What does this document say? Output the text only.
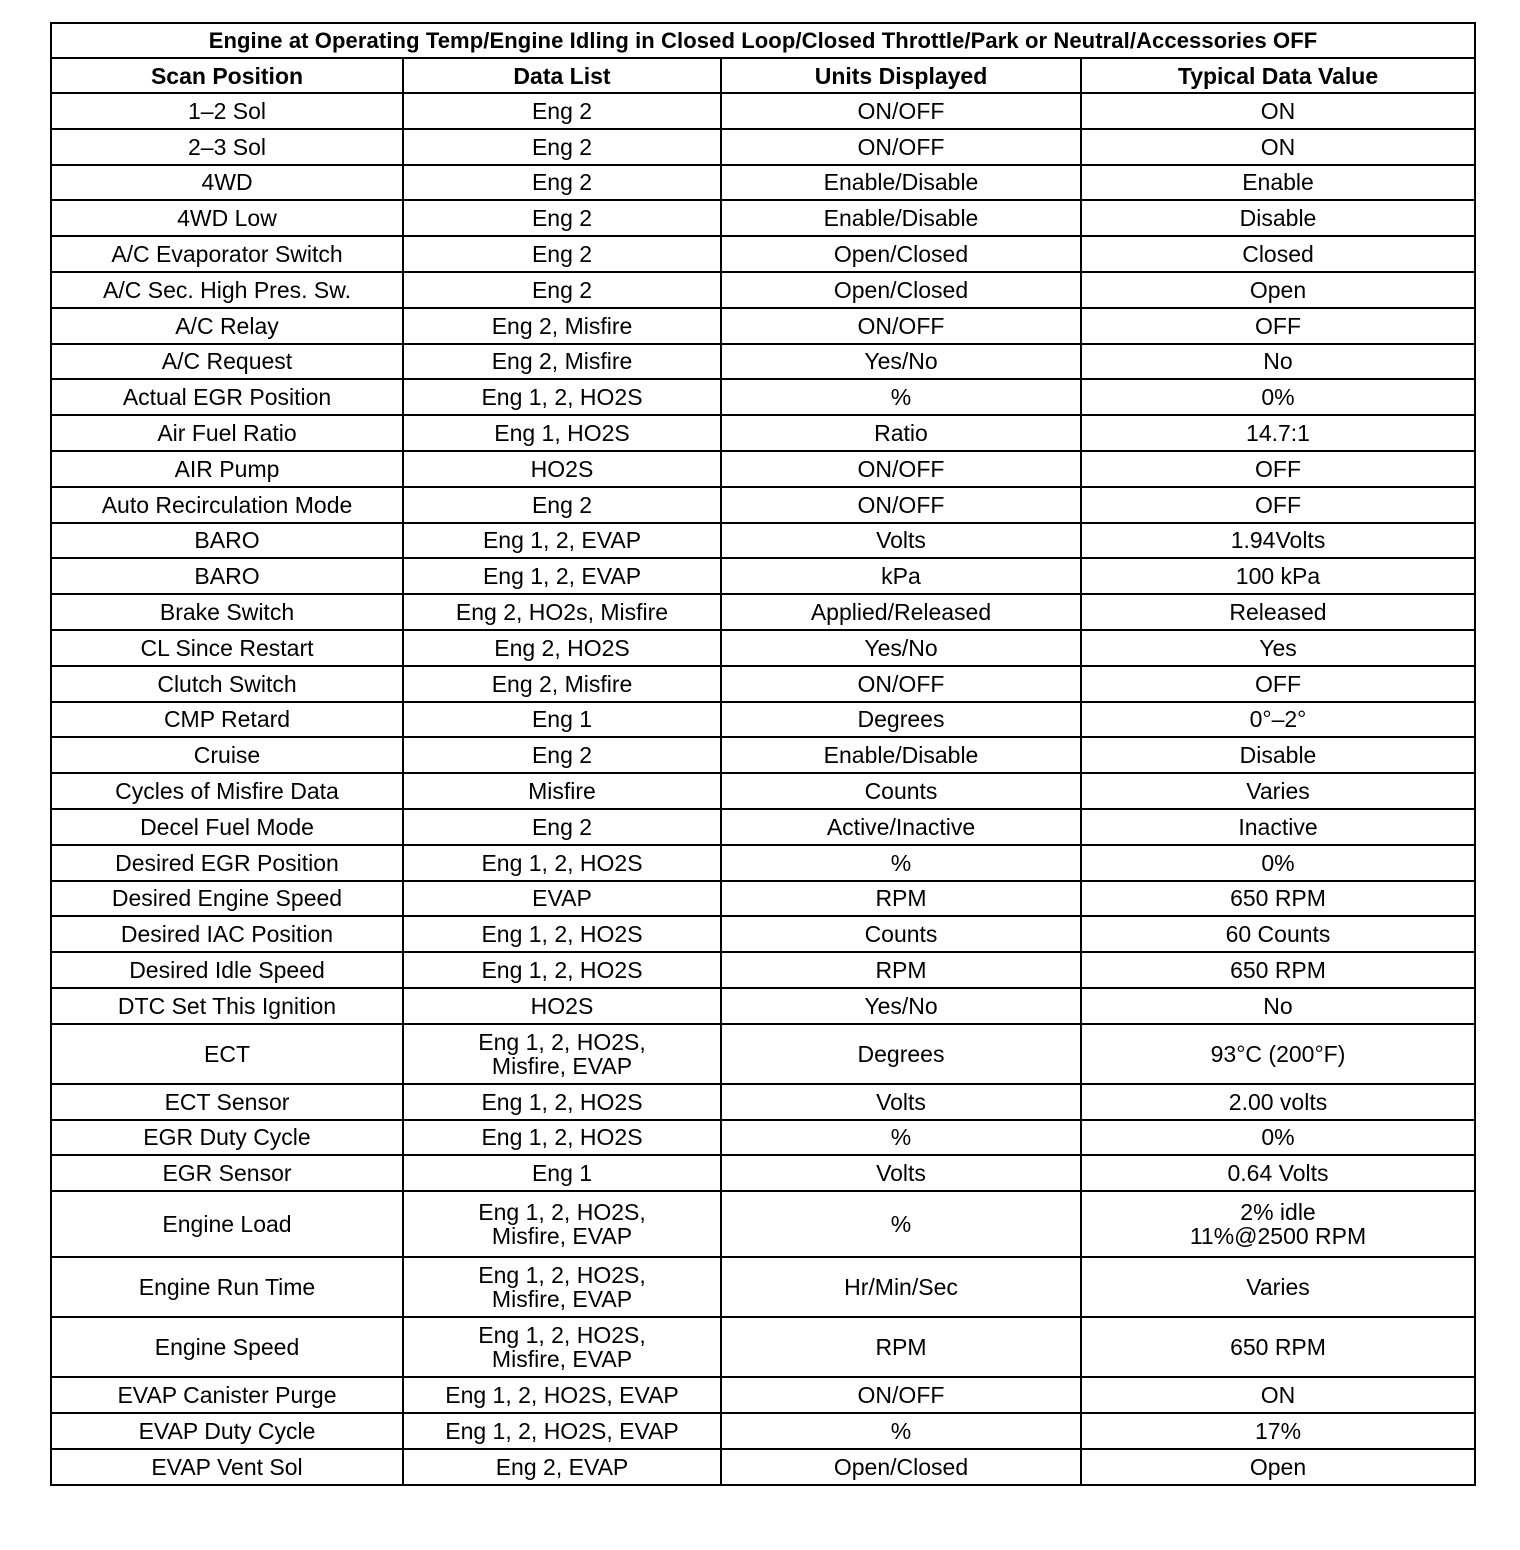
Engine at Operating Temp/Engine Idling in Closed Loop/Closed Throttle/Park or Neutral/Accessories OFF			
Scan Position	Data List	Units Displayed	Typical Data Value
1–2 Sol	Eng 2	ON/OFF	ON

2–3 Sol	Eng 2	ON/OFF	ON

4WD	Eng 2	Enable/Disable	Enable

4WD Low	Eng 2	Enable/Disable	Disable

A/C Evaporator Switch	Eng 2	Open/Closed	Closed

A/C Sec. High Pres. Sw.	Eng 2	Open/Closed	Open

A/C Relay	Eng 2, Misfire	ON/OFF	OFF

A/C Request	Eng 2, Misfire	Yes/No	No

Actual EGR Position	Eng 1, 2, HO2S	%	0%

Air Fuel Ratio	Eng 1, HO2S	Ratio	14.7:1

AIR Pump	HO2S	ON/OFF	OFF

Auto Recirculation Mode	Eng 2	ON/OFF	OFF

BARO	Eng 1, 2, EVAP	Volts	1.94Volts

BARO	Eng 1, 2, EVAP	kPa	100 kPa

Brake Switch	Eng 2, HO2s, Misfire	Applied/Released	Released

CL Since Restart	Eng 2, HO2S	Yes/No	Yes

Clutch Switch	Eng 2, Misfire	ON/OFF	OFF

CMP Retard	Eng 1	Degrees	0°–2°

Cruise	Eng 2	Enable/Disable	Disable

Cycles of Misfire Data	Misfire	Counts	Varies

Decel Fuel Mode	Eng 2	Active/Inactive	Inactive

Desired EGR Position	Eng 1, 2, HO2S	%	0%

Desired Engine Speed	EVAP	RPM	650 RPM

Desired IAC Position	Eng 1, 2, HO2S	Counts	60 Counts

Desired Idle Speed	Eng 1, 2, HO2S	RPM	650 RPM

DTC Set This Ignition	HO2S	Yes/No	No

ECT	Eng 1, 2, HO2S,
Misfire, EVAP	Degrees	93°C (200°F)

ECT Sensor	Eng 1, 2, HO2S	Volts	2.00 volts

EGR Duty Cycle	Eng 1, 2, HO2S	%	0%

EGR Sensor	Eng 1	Volts	0.64 Volts

Engine Load	Eng 1, 2, HO2S,
Misfire, EVAP	%	2% idle
11%@2500 RPM

Engine Run Time	Eng 1, 2, HO2S,
Misfire, EVAP	Hr/Min/Sec	Varies

Engine Speed	Eng 1, 2, HO2S,
Misfire, EVAP	RPM	650 RPM

EVAP Canister Purge	Eng 1, 2, HO2S, EVAP	ON/OFF	ON

EVAP Duty Cycle	Eng 1, 2, HO2S, EVAP	%	17%

EVAP Vent Sol	Eng 2, EVAP	Open/Closed	Open
